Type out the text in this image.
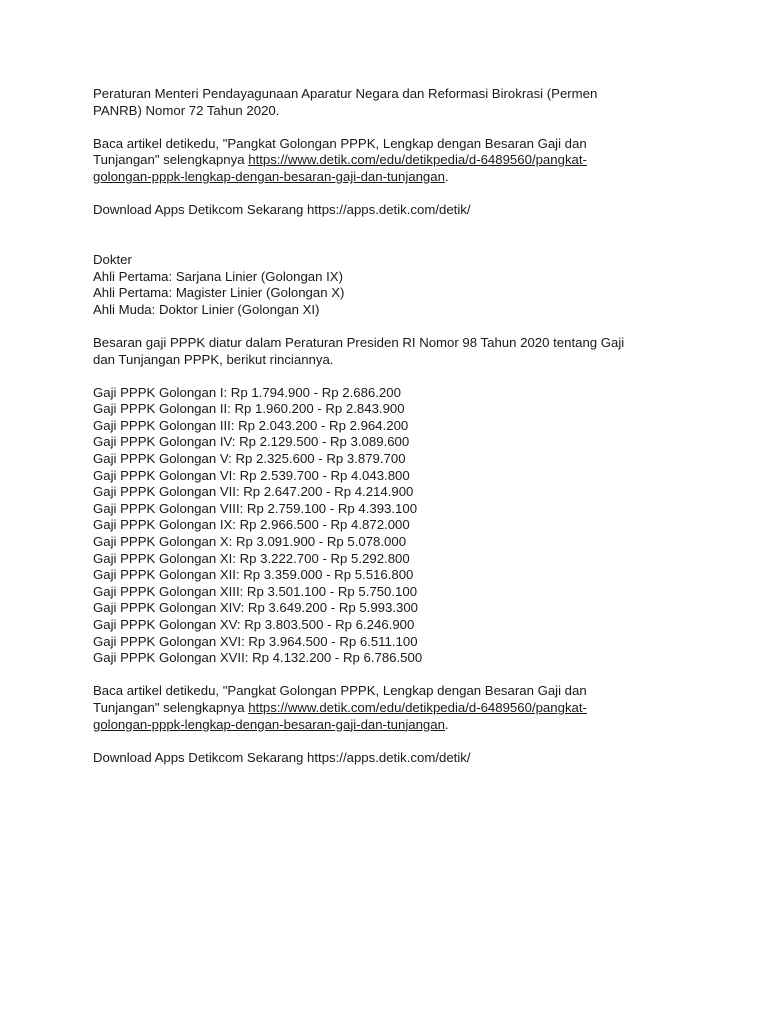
Peraturan Menteri Pendayagunaan Aparatur Negara dan Reformasi Birokrasi (Permen
PANRB) Nomor 72 Tahun 2020.

Baca artikel detikedu, "Pangkat Golongan PPPK, Lengkap dengan Besaran Gaji dan
Tunjangan" selengkapnya https://www.detik.com/edu/detikpedia/d-6489560/pangkat-
golongan-pppk-lengkap-dengan-besaran-gaji-dan-tunjangan.

Download Apps Detikcom Sekarang https://apps.detik.com/detik/

Dokter
Ahli Pertama: Sarjana Linier (Golongan IX)
Ahli Pertama: Magister Linier (Golongan X)
Ahli Muda: Doktor Linier (Golongan XI)

Besaran gaji PPPK diatur dalam Peraturan Presiden RI Nomor 98 Tahun 2020 tentang Gaji
dan Tunjangan PPPK, berikut rinciannya.

Gaji PPPK Golongan I: Rp 1.794.900 - Rp 2.686.200
Gaji PPPK Golongan II: Rp 1.960.200 - Rp 2.843.900
Gaji PPPK Golongan III: Rp 2.043.200 - Rp 2.964.200
Gaji PPPK Golongan IV: Rp 2.129.500 - Rp 3.089.600
Gaji PPPK Golongan V: Rp 2.325.600 - Rp 3.879.700
Gaji PPPK Golongan VI: Rp 2.539.700 - Rp 4.043.800
Gaji PPPK Golongan VII: Rp 2.647.200 - Rp 4.214.900
Gaji PPPK Golongan VIII: Rp 2.759.100 - Rp 4.393.100
Gaji PPPK Golongan IX: Rp 2.966.500 - Rp 4.872.000
Gaji PPPK Golongan X: Rp 3.091.900 - Rp 5.078.000
Gaji PPPK Golongan XI: Rp 3.222.700 - Rp 5.292.800
Gaji PPPK Golongan XII: Rp 3.359.000 - Rp 5.516.800
Gaji PPPK Golongan XIII: Rp 3.501.100 - Rp 5.750.100
Gaji PPPK Golongan XIV: Rp 3.649.200 - Rp 5.993.300
Gaji PPPK Golongan XV: Rp 3.803.500 - Rp 6.246.900
Gaji PPPK Golongan XVI: Rp 3.964.500 - Rp 6.511.100
Gaji PPPK Golongan XVII: Rp 4.132.200 - Rp 6.786.500

Baca artikel detikedu, "Pangkat Golongan PPPK, Lengkap dengan Besaran Gaji dan
Tunjangan" selengkapnya https://www.detik.com/edu/detikpedia/d-6489560/pangkat-
golongan-pppk-lengkap-dengan-besaran-gaji-dan-tunjangan.

Download Apps Detikcom Sekarang https://apps.detik.com/detik/
